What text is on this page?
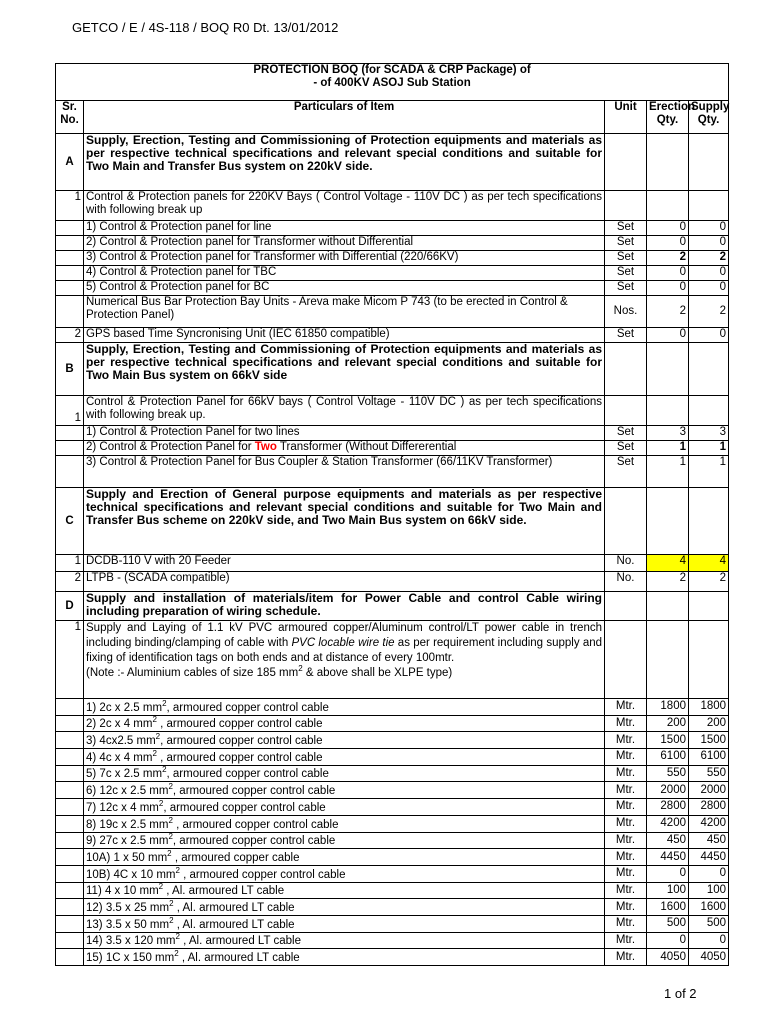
GETCO / E / 4S-118 / BOQ R0 Dt. 13/01/2012
PROTECTION BOQ (for SCADA & CRP Package) of
- of 400KV ASOJ Sub Station				

Sr. No.	Particulars of Item	Unit	Erection Qty.	Supply Qty.
A	Supply, Erection, Testing and Commissioning of Protection equipments and materials as per respective technical specifications and relevant special conditions and suitable for Two Main and Transfer Bus system on 220kV side.			
1	Control & Protection panels for 220KV Bays ( Control Voltage - 110V DC ) as per tech specifications with following break up			
	1) Control & Protection panel for line	Set	0	0
	2) Control & Protection panel for Transformer without Differential	Set	0	0
	3) Control & Protection panel for Transformer with Differential (220/66KV)	Set	2	2
	4) Control & Protection panel for TBC	Set	0	0
	5) Control & Protection panel for BC	Set	0	0
	Numerical Bus Bar Protection Bay Units - Areva make Micom P 743 (to be erected in Control & Protection Panel)	Nos.	2	2
2	GPS based Time Syncronising Unit (IEC 61850 compatible)	Set	0	0
B	Supply, Erection, Testing and Commissioning of Protection equipments and materials as per respective technical specifications and relevant special conditions and suitable for Two Main Bus system on 66kV side			
1	Control & Protection Panel for 66kV bays ( Control Voltage - 110V DC ) as per tech specifications with following break up.			
	1) Control & Protection Panel for two lines	Set	3	3
	2) Control & Protection Panel for Two Transformer (Without Differerential	Set	1	1
	3) Control & Protection Panel for Bus Coupler & Station Transformer (66/11KV Transformer)	Set	1	1
C	Supply and Erection of General purpose equipments and materials as per respective technical specifications and relevant special conditions and suitable for Two Main and Transfer Bus scheme on 220kV side, and Two Main Bus system on 66kV side.			
1	DCDB-110 V with 20 Feeder	No.	4	4
2	LTPB - (SCADA compatible)	No.	2	2
D	Supply and installation of materials/item for Power Cable and control Cable wiring including preparation of wiring schedule.			
1	Supply and Laying of 1.1 kV PVC armoured copper/Aluminum control/LT power cable in trench including binding/clamping of cable with PVC locable wire tie as per requirement including supply and fixing of identification tags on both ends and at distance of every 100mtr.
(Note :- Aluminium cables of size 185 $mm^2$ & above shall be XLPE type)			
	1) 2c x 2.5 $mm^2$, armoured copper control cable	Mtr.	1800	1800
	2) 2c x 4 $mm^2$ , armoured copper control cable	Mtr.	200	200
	3) 4cx2.5 $mm^2$, armoured copper control cable	Mtr.	1500	1500
	4) 4c x 4 $mm^2$ , armoured copper control cable	Mtr.	6100	6100
	5) 7c x 2.5 $mm^2$, armoured copper control cable	Mtr.	550	550
	6) 12c x 2.5 $mm^2$, armoured copper control cable	Mtr.	2000	2000
	7) 12c x 4 $mm^2$, armoured copper control cable	Mtr.	2800	2800
	8) 19c x 2.5 $mm^2$ , armoured copper control cable	Mtr.	4200	4200
	9) 27c x 2.5 $mm^2$, armoured copper control cable	Mtr.	450	450
	10A) 1 x 50 $mm^2$ , armoured copper cable	Mtr.	4450	4450
	10B) 4C x 10 $mm^2$ , armoured copper control cable	Mtr.	0	0
	11) 4 x 10 $mm^2$ , Al. armoured LT cable	Mtr.	100	100
	12) 3.5 x 25 $mm^2$ , Al. armoured LT cable	Mtr.	1600	1600
	13) 3.5 x 50 $mm^2$ , Al. armoured LT cable	Mtr.	500	500
	14) 3.5 x 120 $mm^2$ , Al. armoured LT cable	Mtr.	0	0
	15) 1C x 150 $mm^2$ , Al. armoured LT cable	Mtr.	4050	4050
1 of 2
